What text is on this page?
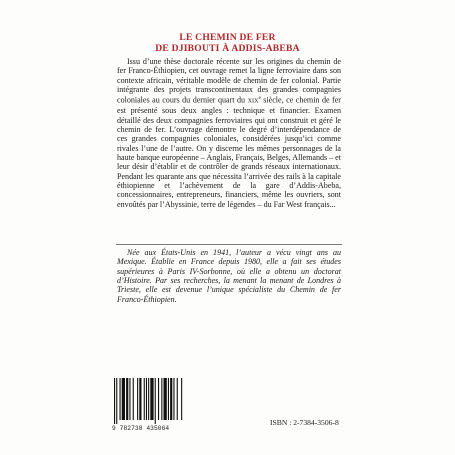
LE CHEMIN DE FER
DE DJIBOUTI À ADDIS-ABEBA

Issu d’une thèse doctorale récente sur les origines du chemin de fer Franco-Éthiopien, cet ouvrage remet la ligne ferroviaire dans son contexte africain, véritable modèle de chemin de fer colonial. Partie intégrante des projets transcontinentaux des grandes compagnies coloniales au cours du dernier quart du XIXe siècle, ce chemin de fer est présenté sous deux angles : technique et financier. Examen détaillé des deux compagnies ferroviaires qui ont construit et géré le chemin de fer. L’ouvrage démontre le degré d’interdépendance de ces grandes compagnies coloniales, considérées jusqu’ici comme rivales l’une de l’autre. On y discerne les mêmes personnages de la haute banque européenne – Anglais, Français, Belges, Allemands – et leur désir d’établir et de contrôler de grands réseaux internationaux. Pendant les quarante ans que nécessita l’arrivée des rails à la capitale éthiopienne et l’achèvement de la gare d’Addis-Abeba, concessionnaires, entrepreneurs, financiers, même les ouvriers, sont envoûtés par l’Abyssinie, terre de légendes – du Far West français...

Née aux États-Unis en 1941, l’auteur a vécu vingt ans au Mexique. Établie en France depuis 1980, elle a fait ses études supérieures à Paris IV-Sorbonne, où elle a obtenu un doctorat d’Histoire. Par ses recherches, la menant la menant de Londres à Trieste, elle est devenue l’unique spécialiste du Chemin de fer Franco-Éthiopien.

9 782738 435064
ISBN : 2-7384-3506-8
